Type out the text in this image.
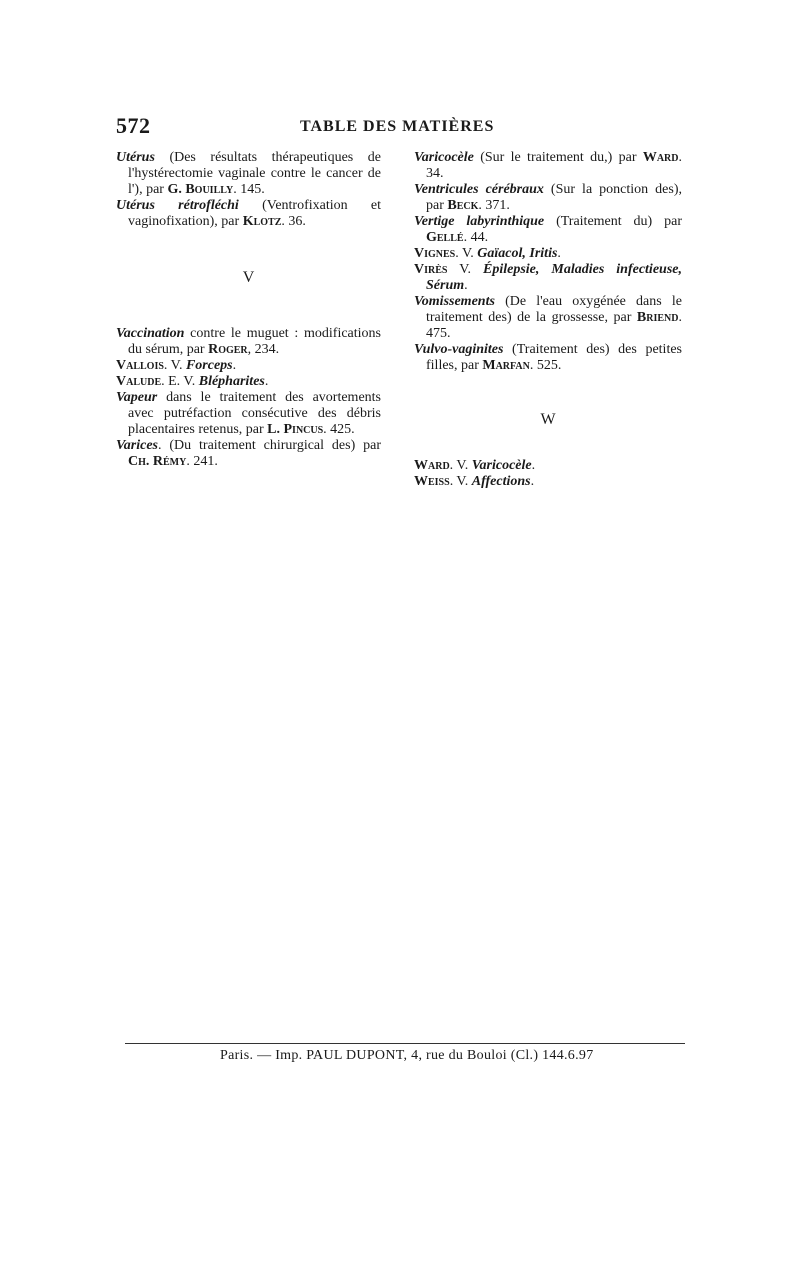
572	TABLE DES MATIÈRES

Utérus (Des résultats thérapeutiques de l'hystérectomie vaginale contre le cancer de l'), par G. Bouilly. 145.

Utérus rétrofléchi (Ventrofixation et vaginofixation), par Klotz. 36.

V

Vaccination contre le muguet : modifications du sérum, par Roger, 234.

Vallois. V. Forceps.

Valude. E. V. Blépharites.

Vapeur dans le traitement des avortements avec putréfaction consécutive des débris placentaires retenus, par L. Pincus. 425.

Varices. (Du traitement chirurgical des) par Ch. Rémy. 241.

Varicocèle (Sur le traitement du,) par Ward. 34.

Ventricules cérébraux (Sur la ponction des), par Beck. 371.

Vertige labyrinthique (Traitement du) par Gellé. 44.

Vignes. V. Gaïacol, Iritis.

Virès V. Épilepsie, Maladies infectieuse, Sérum.

Vomissements (De l'eau oxygénée dans le traitement des) de la grossesse, par Briend. 475.

Vulvo-vaginites (Traitement des) des petites filles, par Marfan. 525.

W

Ward. V. Varicocèle.

Weiss. V. Affections.

Paris. — Imp. PAUL DUPONT, 4, rue du Bouloi (Cl.) 144.6.97
